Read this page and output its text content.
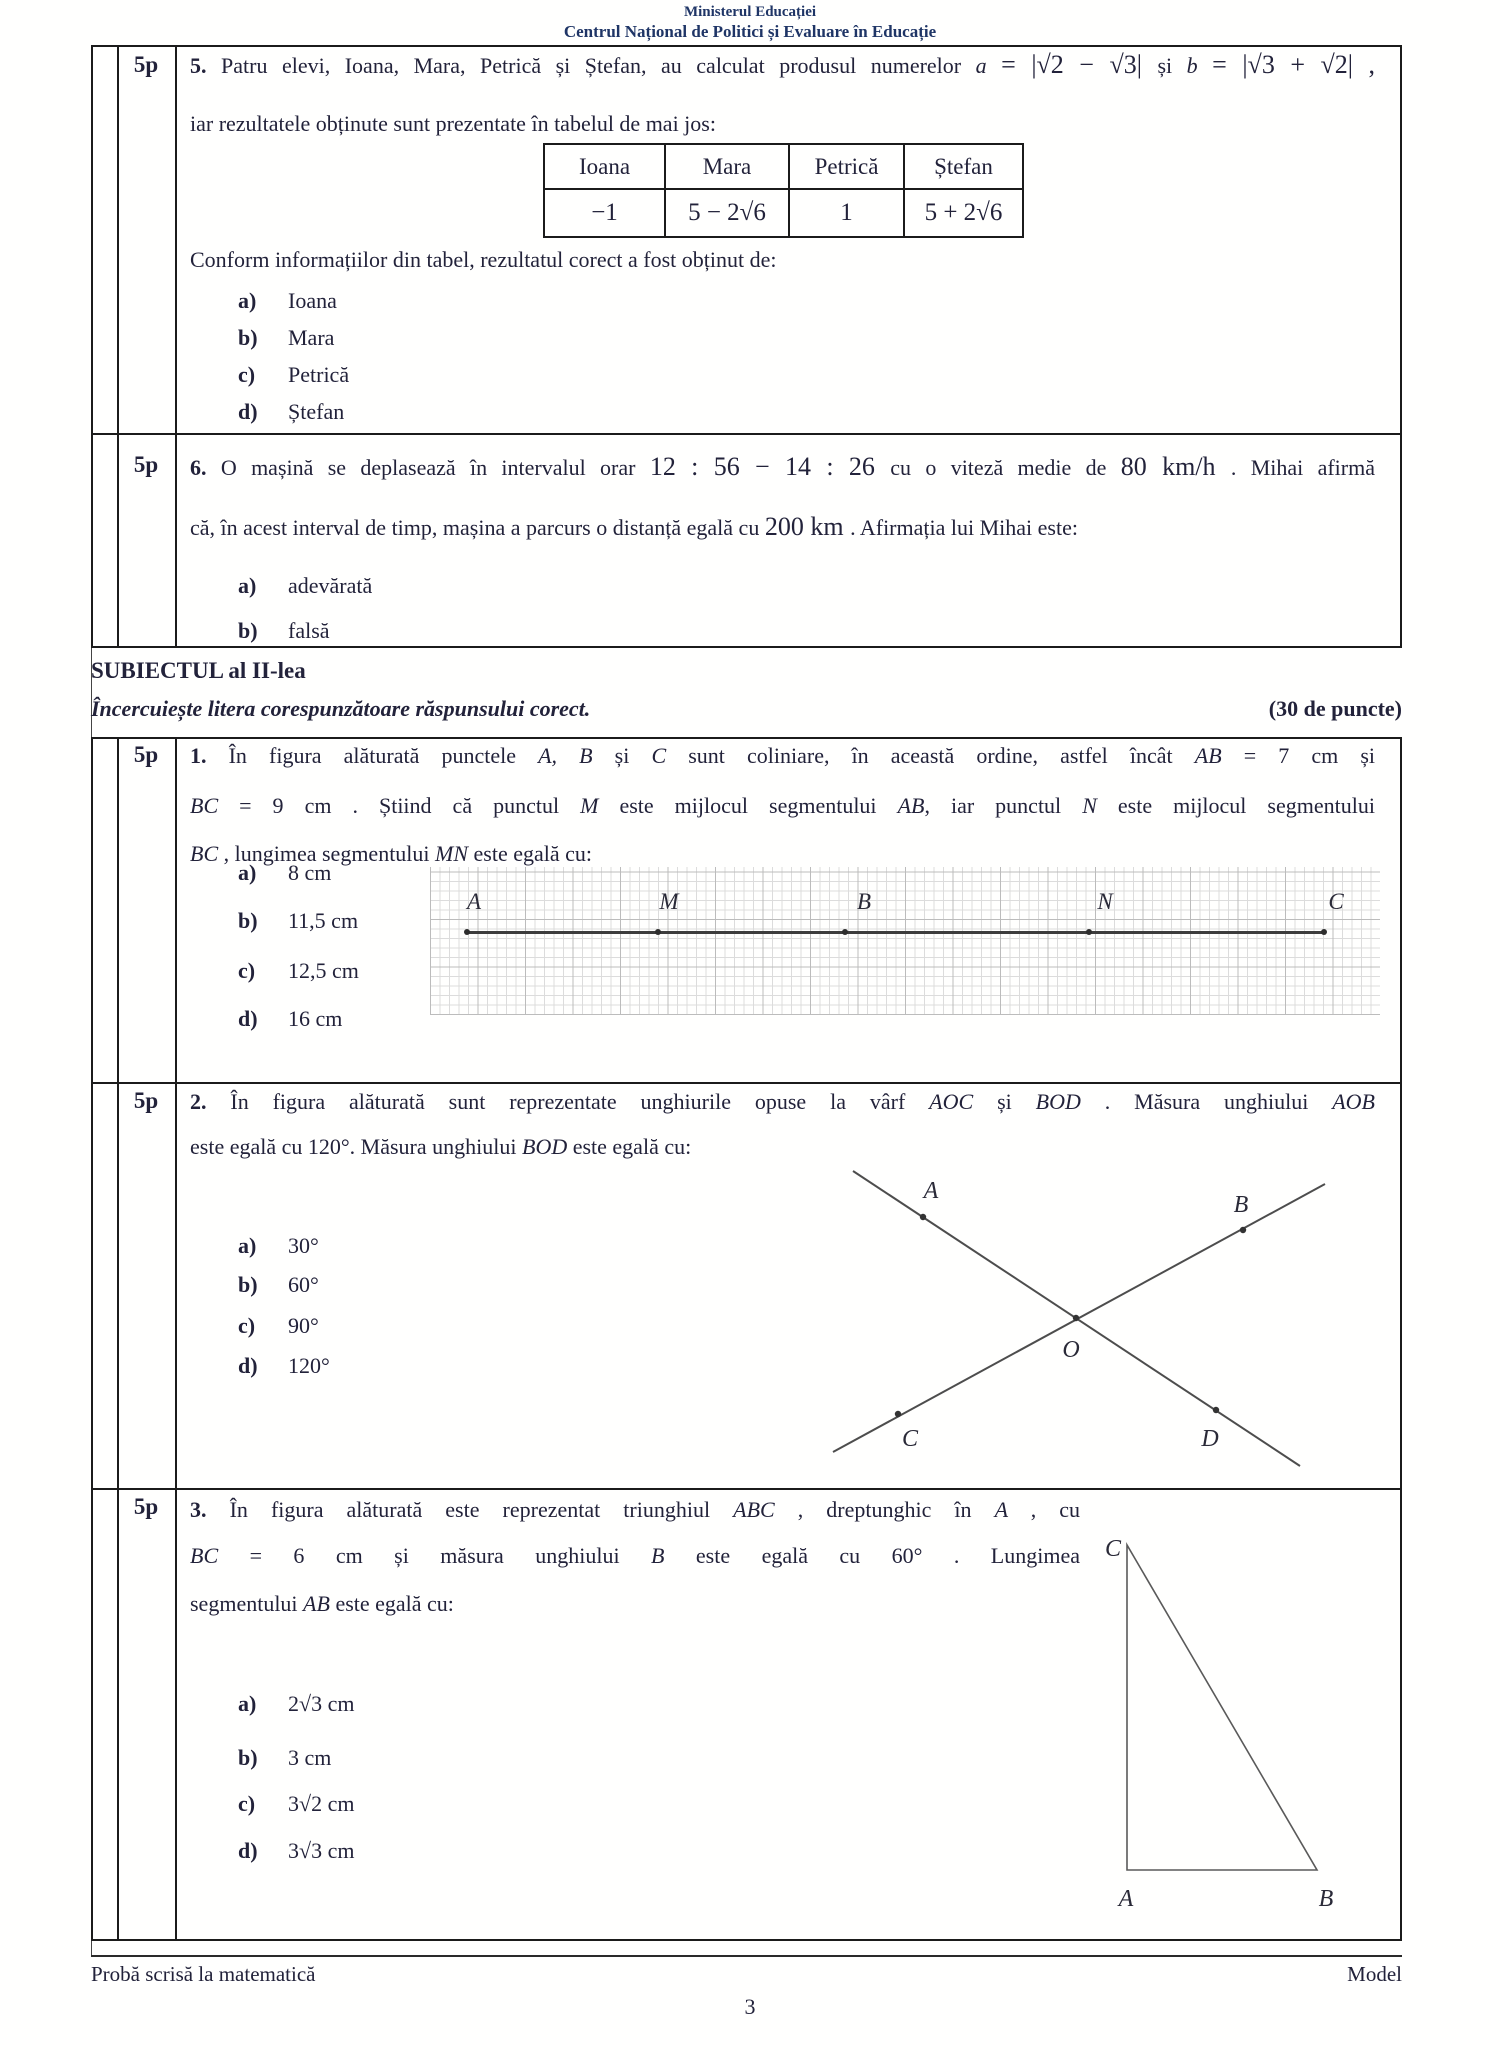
Ministerul Educației
Centrul Național de Politici și Evaluare în Educație
5p	5. Patru elevi, Ioana, Mara, Petrică și Ștefan, au calculat produsul numerelor a = |√2 − √3| și b = |√3 + √2| ,
iar rezultatele obținute sunt prezentate în tabelul de mai jos:
Ioana	Mara	Petrică	Ștefan
−1	5 − 2√6	1	5 + 2√6
Conform informațiilor din tabel, rezultatul corect a fost obținut de:
a) Ioana
b) Mara
c) Petrică
d) Ștefan
5p	6. O mașină se deplasează în intervalul orar 12 : 56 − 14 : 26 cu o viteză medie de 80 km/h . Mihai afirmă
că, în acest interval de timp, mașina a parcurs o distanță egală cu 200 km . Afirmația lui Mihai este:
a) adevărată
b) falsă
SUBIECTUL al II-lea
(30 de puncte)
Încercuiește litera corespunzătoare răspunsului corect.
5p	1. În figura alăturată punctele A, B și C sunt coliniare, în această ordine, astfel încât AB = 7 cm și
BC = 9 cm . Știind că punctul M este mijlocul segmentului AB, iar punctul N este mijlocul segmentului
BC , lungimea segmentului MN este egală cu:
a) 8 cm
b) 11,5 cm
c) 12,5 cm
d) 16 cm
A	M	B	N	C
5p	2. În figura alăturată sunt reprezentate unghiurile opuse la vârf AOC și BOD . Măsura unghiului AOB
este egală cu 120°. Măsura unghiului BOD este egală cu:
a) 30°
b) 60°
c) 90°
d) 120°
A
B
C	D
O
5p	3. În figura alăturată este reprezentat triunghiul ABC , dreptunghic în A , cu
BC = 6 cm și măsura unghiului B este egală cu 60° . Lungimea
segmentului AB este egală cu:
a) 2√3 cm
b) 3 cm
c) 3√2 cm
d) 3√3 cm
C
A	B
Probă scrisă la matematică	Model
3
